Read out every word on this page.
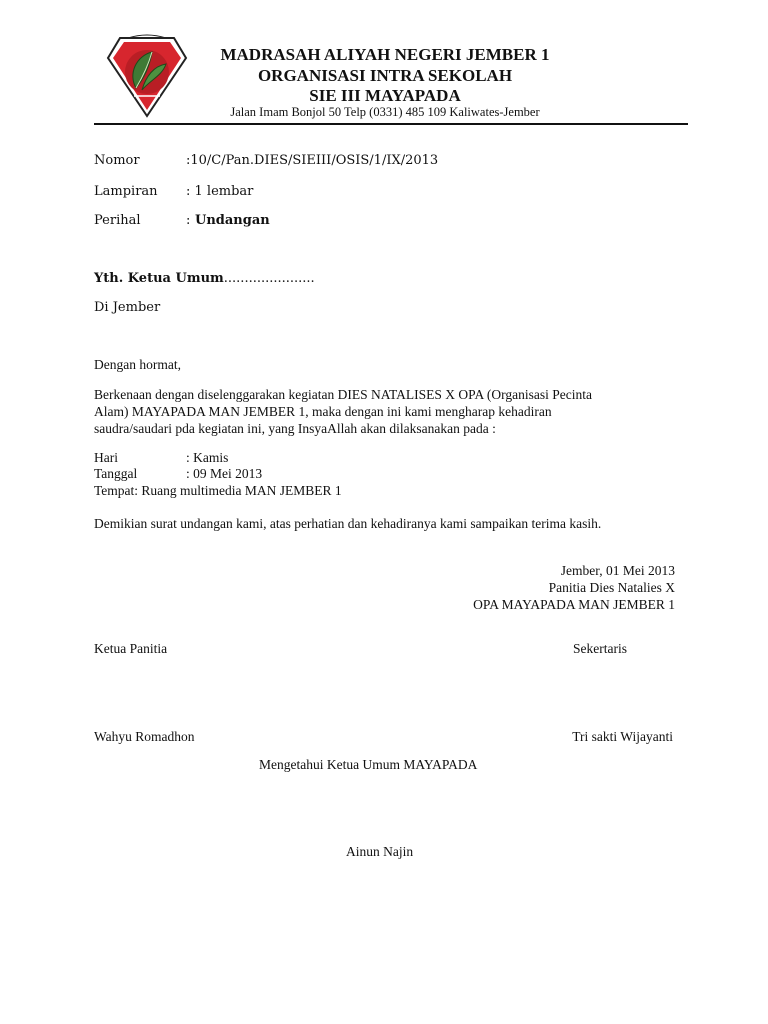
MADRASAH ALIYAH NEGERI JEMBER 1
ORGANISASI INTRA SEKOLAH
SIE III MAYAPADA
Jalan Imam Bonjol 50 Telp (0331) 485 109 Kaliwates-Jember
Nomor	:10/C/Pan.DIES/SIEIII/OSIS/1/IX/2013
Lampiran : 1 lembar
Perihal	: Undangan
Yth. Ketua Umum......................
Di Jember
Dengan hormat,
Berkenaan dengan diselenggarakan kegiatan DIES NATALISES X OPA (Organisasi Pecinta
Alam) MAYAPADA MAN JEMBER 1, maka dengan ini kami mengharap kehadiran
saudra/saudari pda kegiatan ini, yang InsyaAllah akan dilaksanakan pada :
Hari	: Kamis
Tanggal	: 09 Mei 2013
Tempat: Ruang multimedia MAN JEMBER 1
Demikian surat undangan kami, atas perhatian dan kehadiranya kami sampaikan terima kasih.
Jember, 01 Mei 2013
Panitia Dies Natalies X
OPA MAYAPADA MAN JEMBER 1
Ketua Panitia	Sekertaris
Wahyu Romadhon	Tri sakti Wijayanti
Mengetahui Ketua Umum MAYAPADA
Ainun Najin
